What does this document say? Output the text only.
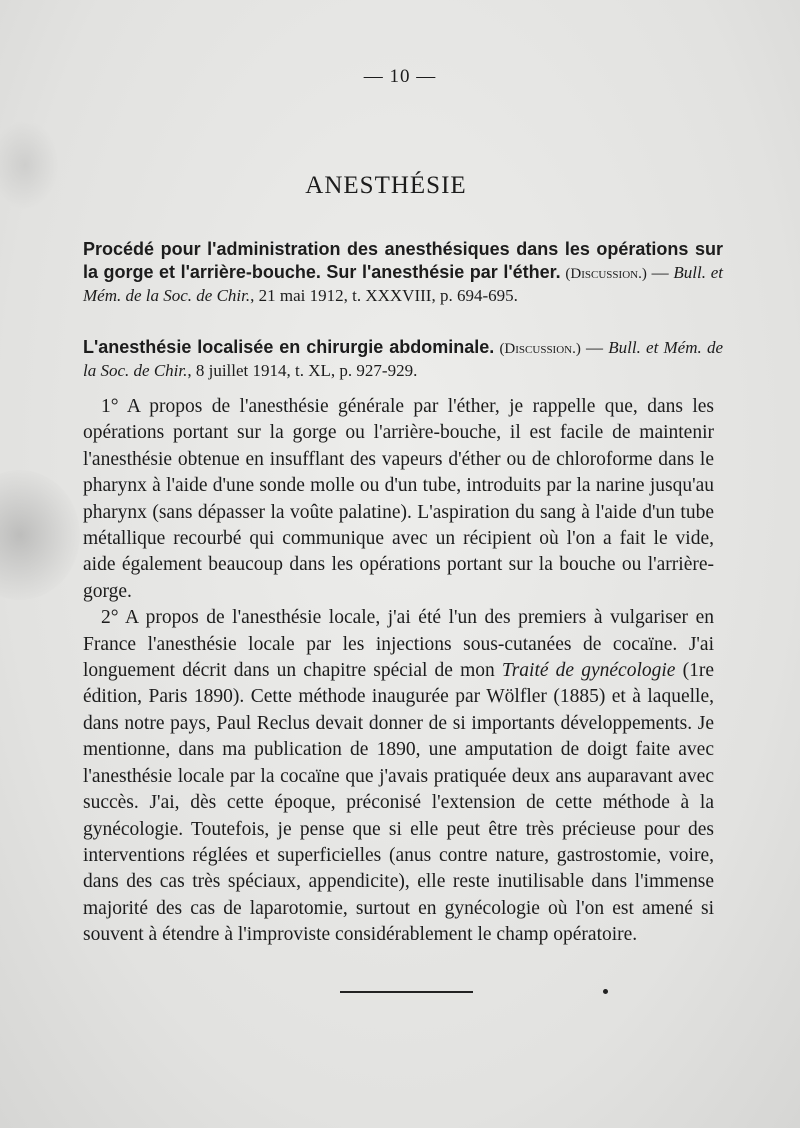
— 10 —
ANESTHÉSIE
Procédé pour l'administration des anesthésiques dans les opérations sur la gorge et l'arrière-bouche. Sur l'anesthésie par l'éther. (Discussion.) — Bull. et Mém. de la Soc. de Chir., 21 mai 1912, t. XXXVIII, p. 694-695.
L'anesthésie localisée en chirurgie abdominale. (Discussion.) — Bull. et Mém. de la Soc. de Chir., 8 juillet 1914, t. XL, p. 927-929.

1° A propos de l'anesthésie générale par l'éther, je rappelle que, dans les opérations portant sur la gorge ou l'arrière-bouche, il est facile de maintenir l'anesthésie obtenue en insufflant des vapeurs d'éther ou de chloroforme dans le pharynx à l'aide d'une sonde molle ou d'un tube, introduits par la narine jusqu'au pharynx (sans dépasser la voûte palatine). L'aspiration du sang à l'aide d'un tube métallique recourbé qui communique avec un récipient où l'on a fait le vide, aide également beaucoup dans les opérations portant sur la bouche ou l'arrière-gorge.

2° A propos de l'anesthésie locale, j'ai été l'un des premiers à vulgariser en France l'anesthésie locale par les injections sous-cutanées de cocaïne. J'ai longuement décrit dans un chapitre spécial de mon Traité de gynécologie (1re édition, Paris 1890). Cette méthode inaugurée par Wölfler (1885) et à laquelle, dans notre pays, Paul Reclus devait donner de si importants développements. Je mentionne, dans ma publication de 1890, une amputation de doigt faite avec l'anesthésie locale par la cocaïne que j'avais pratiquée deux ans auparavant avec succès. J'ai, dès cette époque, préconisé l'extension de cette méthode à la gynécologie. Toutefois, je pense que si elle peut être très précieuse pour des interventions réglées et superficielles (anus contre nature, gastrostomie, voire, dans des cas très spéciaux, appendicite), elle reste inutilisable dans l'immense majorité des cas de laparotomie, surtout en gynécologie où l'on est amené si souvent à étendre à l'improviste considérablement le champ opératoire.
